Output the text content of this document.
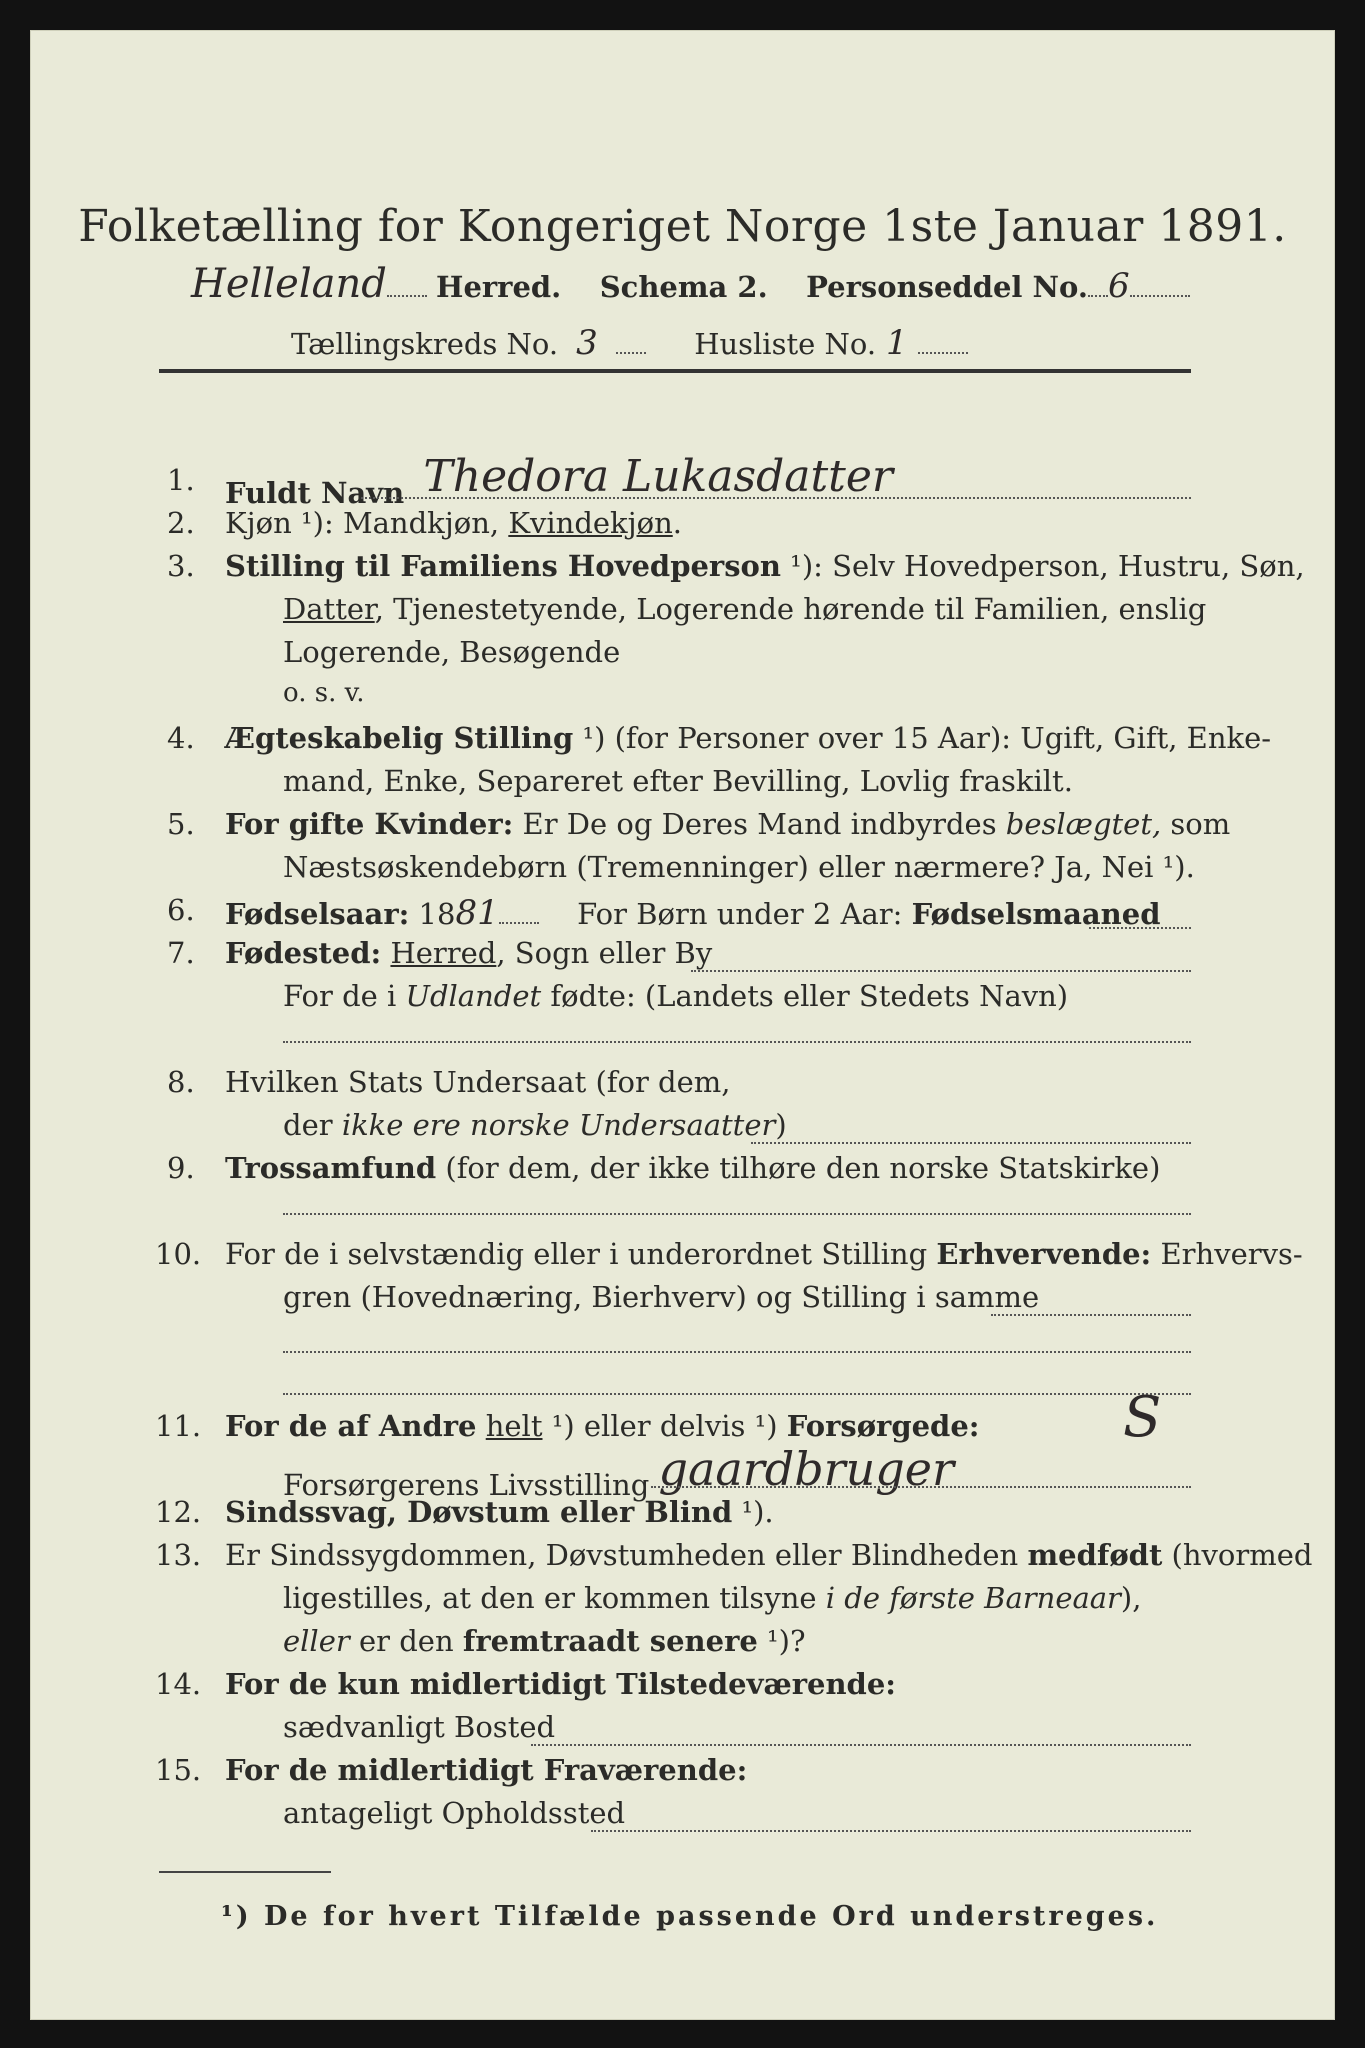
Folketælling for Kongeriget Norge 1ste Januar 1891.
Helleland Herred. Schema 2. Personseddel No. 6
Tællingskreds No. 3	Husliste No. 1
1. Fuldt Navn Thedora Lukasdatter
2. Kjøn ¹): Mandkjøn, Kvindekjøn.
3. Stilling til Familiens Hovedperson ¹): Selv Hovedperson, Hustru, Søn,
Datter, Tjenestetyende, Logerende hørende til Familien, enslig
Logerende, Besøgende
o. s. v.
4. Ægteskabelig Stilling ¹) (for Personer over 15 Aar): Ugift, Gift, Enke-
mand, Enke, Separeret efter Bevilling, Lovlig fraskilt.
5. For gifte Kvinder: Er De og Deres Mand indbyrdes beslægtet, som
Næstsøskendebørn (Tremenninger) eller nærmere? Ja, Nei ¹).
6. Fødselsaar: 1881	For Børn under 2 Aar: Fødselsmaaned
7. Fødested: Herred, Sogn eller By
For de i Udlandet fødte: (Landets eller Stedets Navn)
8. Hvilken Stats Undersaat (for dem,
der ikke ere norske Undersaatter)
9. Trossamfund (for dem, der ikke tilhøre den norske Statskirke)
10. For de i selvstændig eller i underordnet Stilling Erhvervende: Erhvervs-
gren (Hovednæring, Bierhverv) og Stilling i samme
11. For de af Andre helt ¹) eller delvis ¹) Forsørgede:
Forsørgerens Livsstilling gaardbruger
S
12. Sindssvag, Døvstum eller Blind ¹).
13. Er Sindssygdommen, Døvstumheden eller Blindheden medfødt (hvormed
ligestilles, at den er kommen tilsyne i de første Barneaar),
eller er den fremtraadt senere ¹)?
14. For de kun midlertidigt Tilstedeværende:
sædvanligt Bosted
15. For de midlertidigt Fraværende:
antageligt Opholdssted
¹) De for hvert Tilfælde passende Ord understreges.
